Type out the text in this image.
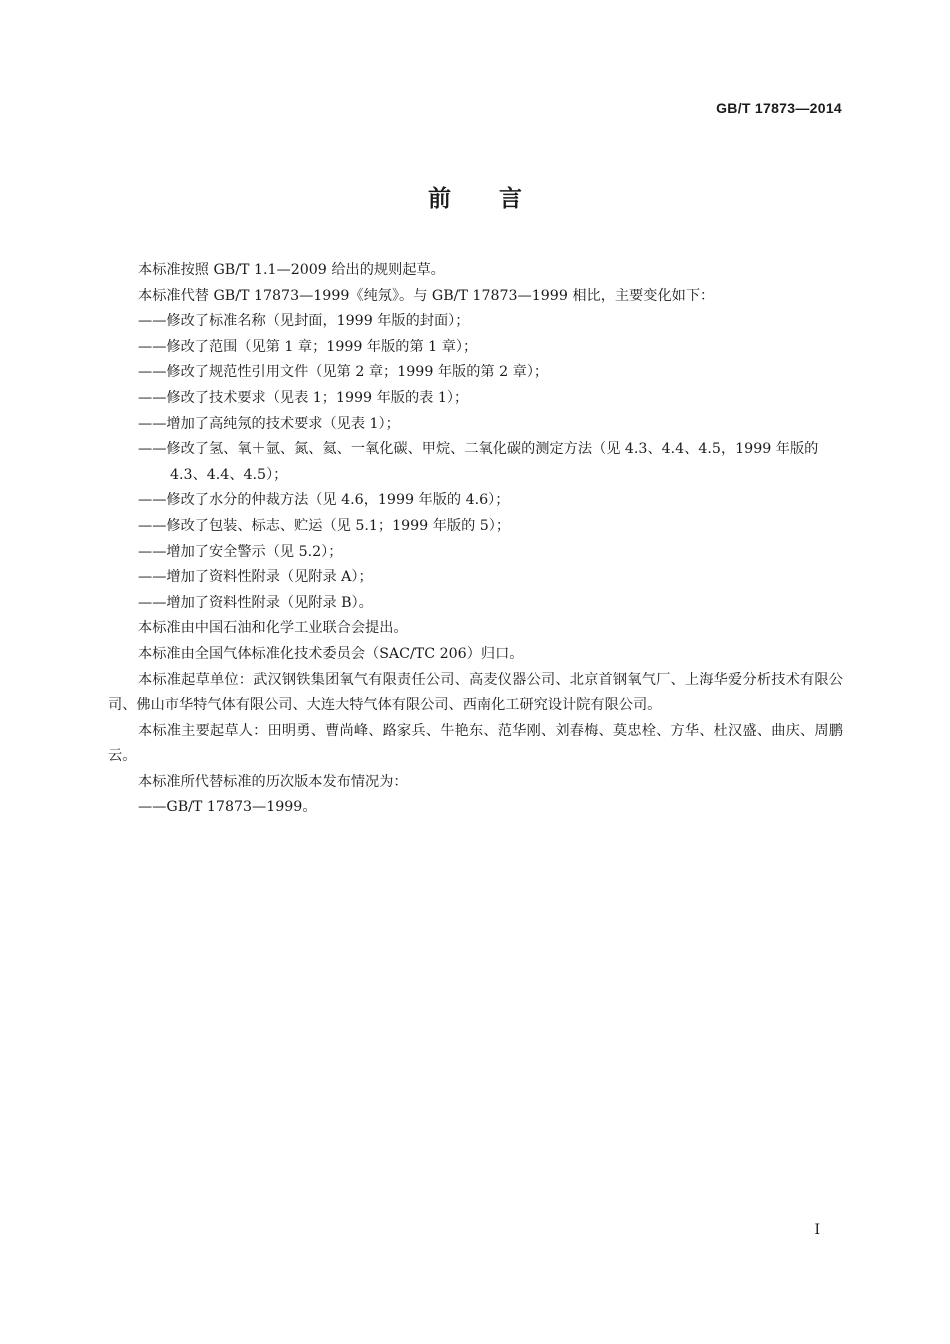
GB/T 17873—2014
前言

本标准按照 GB/T 1.1—2009 给出的规则起草。

本标准代替 GB/T 17873—1999《纯氖》。与 GB/T 17873—1999 相比，主要变化如下：

——修改了标准名称（见封面，1999 年版的封面）；

——修改了范围（见第 1 章；1999 年版的第 1 章）；

——修改了规范性引用文件（见第 2 章；1999 年版的第 2 章）；

——修改了技术要求（见表 1；1999 年版的表 1）；

——增加了高纯氖的技术要求（见表 1）；

——修改了氢、氧＋氩、氮、氦、一氧化碳、甲烷、二氧化碳的测定方法（见 4.3、4.4、4.5，1999 年版的 4.3、4.4、4.5）；

——修改了水分的仲裁方法（见 4.6，1999 年版的 4.6）；

——修改了包装、标志、贮运（见 5.1；1999 年版的 5）；

——增加了安全警示（见 5.2）；

——增加了资料性附录（见附录 A）；

——增加了资料性附录（见附录 B）。

本标准由中国石油和化学工业联合会提出。

本标准由全国气体标准化技术委员会（SAC/TC 206）归口。

本标准起草单位：武汉钢铁集团氧气有限责任公司、高麦仪器公司、北京首钢氧气厂、上海华爱分析技术有限公司、佛山市华特气体有限公司、大连大特气体有限公司、西南化工研究设计院有限公司。

本标准主要起草人：田明勇、曹尚峰、路家兵、牛艳东、范华刚、刘春梅、莫忠栓、方华、杜汉盛、曲庆、周鹏云。

本标准所代替标准的历次版本发布情况为：

——GB/T 17873—1999。

I
